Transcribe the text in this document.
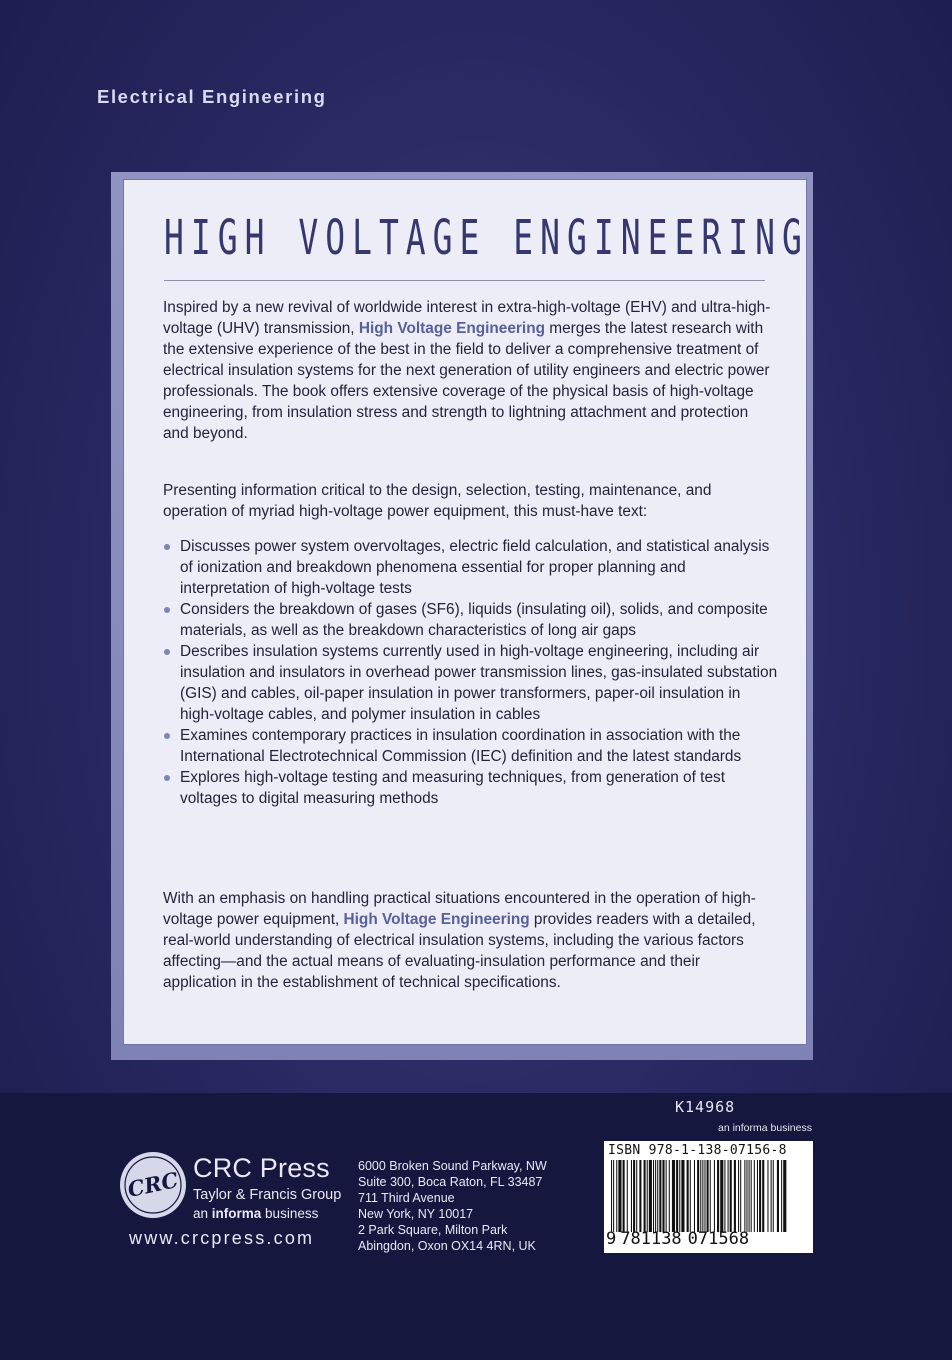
Electrical Engineering
HIGH VOLTAGE ENGINEERING

Inspired by a new revival of worldwide interest in extra-high-voltage (EHV) and ultra-high-voltage (UHV) transmission, High Voltage Engineering merges the latest research with the extensive experience of the best in the field to deliver a comprehensive treatment of electrical insulation systems for the next generation of utility engineers and electric power professionals. The book offers extensive coverage of the physical basis of high-voltage engineering, from insulation stress and strength to lightning attachment and protection and beyond.

Presenting information critical to the design, selection, testing, maintenance, and operation of myriad high-voltage power equipment, this must-have text:

Discusses power system overvoltages, electric field calculation, and statistical analysis of ionization and breakdown phenomena essential for proper planning and interpretation of high-voltage tests
Considers the breakdown of gases (SF6), liquids (insulating oil), solids, and composite materials, as well as the breakdown characteristics of long air gaps
Describes insulation systems currently used in high-voltage engineering, including air insulation and insulators in overhead power transmission lines, gas-insulated substation (GIS) and cables, oil-paper insulation in power transformers, paper-oil insulation in high-voltage cables, and polymer insulation in cables
Examines contemporary practices in insulation coordination in association with the International Electrotechnical Commission (IEC) definition and the latest standards
Explores high-voltage testing and measuring techniques, from generation of test voltages to digital measuring methods

With an emphasis on handling practical situations encountered in the operation of high-voltage power equipment, High Voltage Engineering provides readers with a detailed, real-world understanding of electrical insulation systems, including the various factors affecting—and the actual means of evaluating-insulation performance and their application in the establishment of technical specifications.

K14968
an informa business
CRC CRC Press
Taylor & Francis Group
an informa business
www.crcpress.com
6000 Broken Sound Parkway, NW
Suite 300, Boca Raton, FL 33487
711 Third Avenue
New York, NY 10017
2 Park Square, Milton Park
Abingdon, Oxon OX14 4RN, UK
ISBN 978-1-138-07156-8
9 781138 071568
